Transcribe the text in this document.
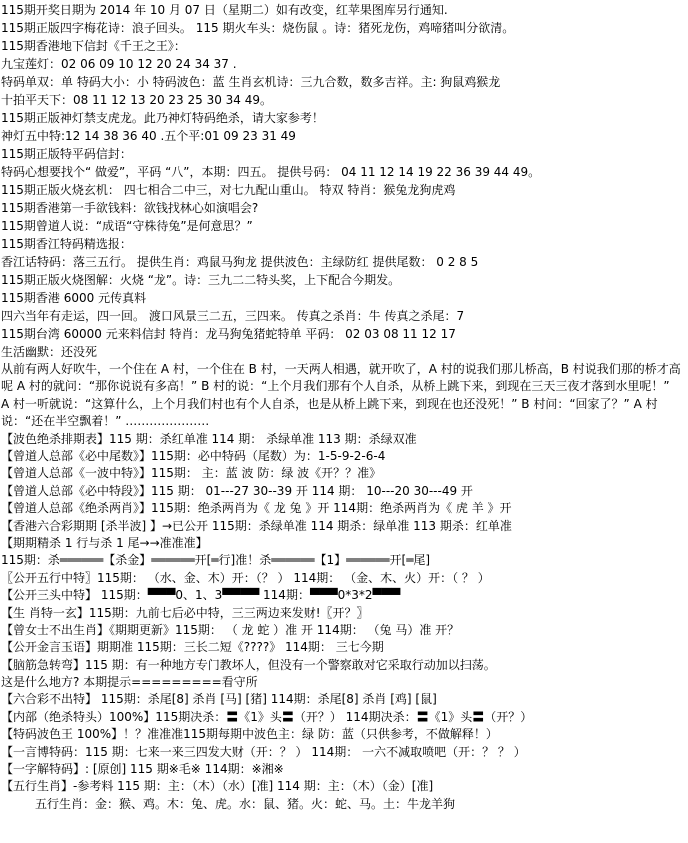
115期开奖日期为 2014 年 10 月 07 日（星期二）如有改变，红苹果图库另行通知.
115期正版四字梅花诗：浪子回头。 115 期火车头：烧伤鼠 。诗：猪死龙伤，鸡啼猪叫分欲清。
115期香港地下信封《千王之王》：
九宝莲灯：02 06 09 10 12 20 24 34 37 .
特码单双：单 特码大小：小 特码波色：蓝 生肖玄机诗：三九合数，数多吉祥。主: 狗鼠鸡猴龙
十拍平天下：08 11 12 13 20 23 25 30 34 49。
115期正版神灯禁支虎龙。此乃神灯特码绝杀，请大家参考！
神灯五中特:12 14 38 36 40 .五个平:01 09 23 31 49
115期正版特平码信封：
特码心想要找个“ 做爱”，平码 “八”，本期：四五。 提供号码： 04 11 12 14 19 22 36 39 44 49。
115期正版火烧玄机： 四七相合二中三，对七九配山重山。 特双 特肖：猴兔龙狗虎鸡
115期香港第一手欲钱料：欲钱找林心如演唱会?
115期曾道人说：“成语“守株待兔”是何意思？”
115期香江特码精选报：
香江话特码：落三五行。 提供生肖：鸡鼠马狗龙 提供波色：主绿防红 提供尾数： 0 2 8 5
115期正版火烧图解：火烧 “龙”。诗：三九二二特头奖，上下配合今期发。
115期香港 6000 元传真料
四六当年有走运，四一回。 渡口风景三二五，三四来。 传真之杀肖：牛 传真之杀尾：7
115期台湾 60000 元来料信封 特肖：龙马狗兔猪蛇特单 平码： 02 03 08 11 12 17
生活幽默：还没死
从前有两人好吹牛，一个住在 A 村，一个住在 B 村，一天两人相遇，就开吹了，A 村的说我们那儿桥高，B 村说我们那的桥才高呢 A 村的就问：“那你说说有多高！” B 村的说：“上个月我们那有个人自杀，从桥上跳下来，到现在三天三夜才落到水里呢！” A 村一听就说：“这算什么，上个月我们村也有个人自杀，也是从桥上跳下来，到现在也还没死！” B 村问：“回家了？” A 村说：“还在半空飘着！” …………………
【波色绝杀排期表】115 期：杀红单准 114 期： 杀绿单准 113 期：杀绿双准
【曾道人总部《必中尾数》】115期：必中特码（尾数）为：1-5-9-2-6-4
【曾道人总部《一波中特》】115期： 主：蓝 波 防：绿 波《开？？准》
【曾道人总部《必中特段》】115 期： 01---27 30--39 开 114 期： 10---20 30---49 开
【曾道人总部《绝杀两肖》】115期：绝杀两肖为《 龙 兔 》开 114期：绝杀两肖为《 虎 羊 》开
【香港六合彩期期 [杀半波] 】→已公开 115期：杀绿单准 114 期杀：绿单准 113 期杀：红单准
【期期精杀 1 行与杀 1 尾→→准准准】
115期：杀══════【杀金】══════开[═行]准！杀══════【1】══════开[═尾]
〖公开五行中特〗115期： （水、金、木）开：（？ ） 114期： （金、木、火）开：（ ？ ）
【公开三头中特】 115期：▀▀▀0、1、3▀▀▀▀ 114期：▀▀▀0*3*2▀▀▀
【生 肖特一玄】115期：九前七后必中特，三三两边来发财!〖开？〗
【曾女士不出生肖】《期期更新》115期： （ 龙 蛇 ）准 开 114期： （兔 马）准 开？
【公开金言玉语】期期准 115期：三长二短《????》 114期： 三七今期
【脑筋急转弯】115 期：有一种地方专门教坏人，但没有一个警察敢对它采取行动加以扫荡。
这是什么地方? 本期提示=========看守所
【六合彩不出特】 115期：杀尾[8] 杀肖 [马] [猪] 114期：杀尾[8] 杀肖 [鸡] [鼠]
【内部（绝杀特头）100%】115期决杀：〓《1》头〓（开？） 114期决杀：〓《1》头〓（开？）
【特码波色王 100%】！？准准准115期每期中波色主：绿 防：蓝（只供参考，不做解释！）
【一言博特码：115 期：七来一来三四发大财（开：？ ） 114期： 一六不减取喷吧（开：？ ？ ）
【一字解特码】: [原创] 115 期※毛※ 114期：※湘※
【五行生肖】-参考料 115 期：主：（木）（水）[准] 114 期：主：（木）（金）[准]
五行生肖：金：猴、鸡。木：兔、虎。水：鼠、猪。火：蛇、马。土：牛龙羊狗
